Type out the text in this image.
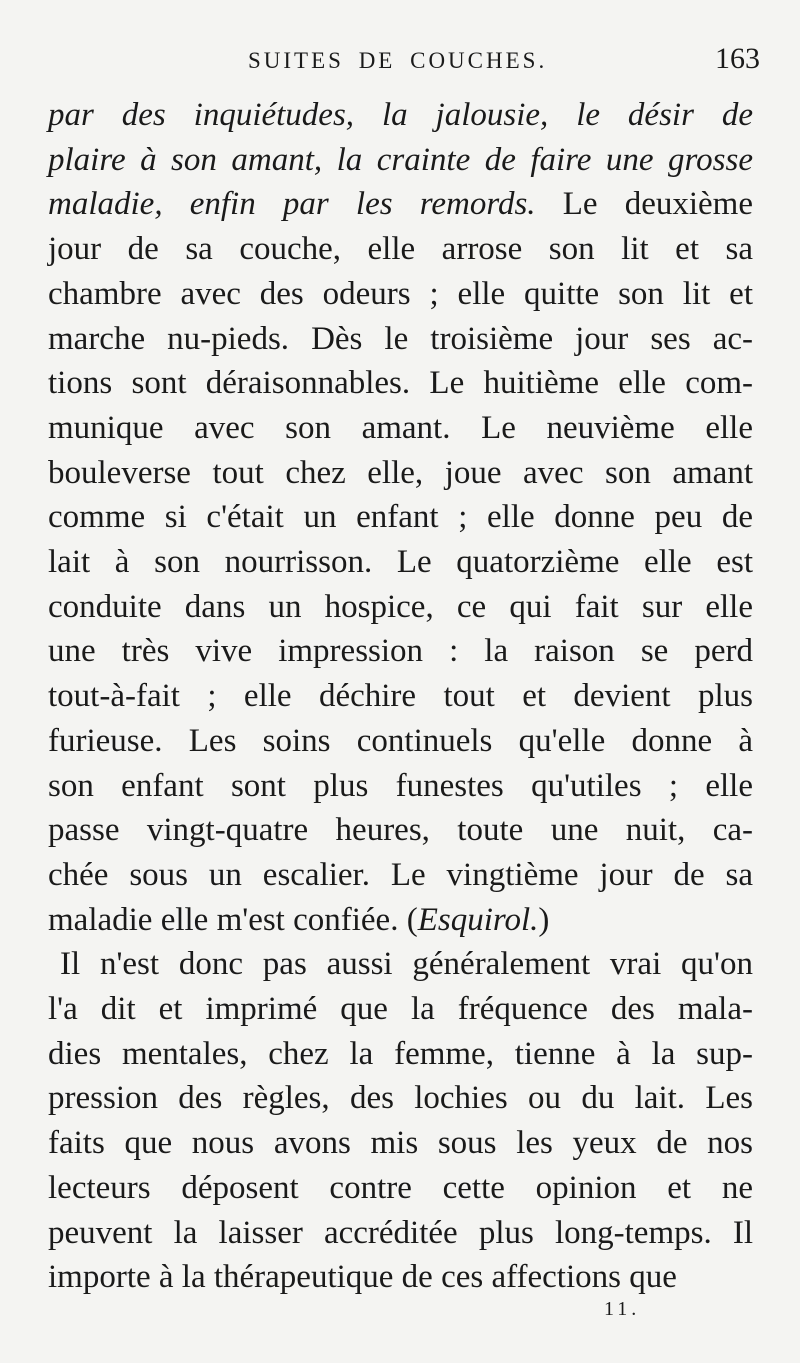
SUITES DE COUCHES.	163
par des inquiétudes, la jalousie, le désir de
plaire à son amant, la crainte de faire une grosse
maladie, enfin par les remords. Le deuxième
jour de sa couche, elle arrose son lit et sa
chambre avec des odeurs ; elle quitte son lit et
marche nu-pieds. Dès le troisième jour ses ac-
tions sont déraisonnables. Le huitième elle com-
munique avec son amant. Le neuvième elle
bouleverse tout chez elle, joue avec son amant
comme si c'était un enfant ; elle donne peu de
lait à son nourrisson. Le quatorzième elle est
conduite dans un hospice, ce qui fait sur elle
une très vive impression : la raison se perd
tout-à-fait ; elle déchire tout et devient plus
furieuse. Les soins continuels qu'elle donne à
son enfant sont plus funestes qu'utiles ; elle
passe vingt-quatre heures, toute une nuit, ca-
chée sous un escalier. Le vingtième jour de sa
maladie elle m'est confiée. (Esquirol.)
Il n'est donc pas aussi généralement vrai qu'on
l'a dit et imprimé que la fréquence des mala-
dies mentales, chez la femme, tienne à la sup-
pression des règles, des lochies ou du lait. Les
faits que nous avons mis sous les yeux de nos
lecteurs déposent contre cette opinion et ne
peuvent la laisser accréditée plus long-temps. Il
importe à la thérapeutique de ces affections que
11.
